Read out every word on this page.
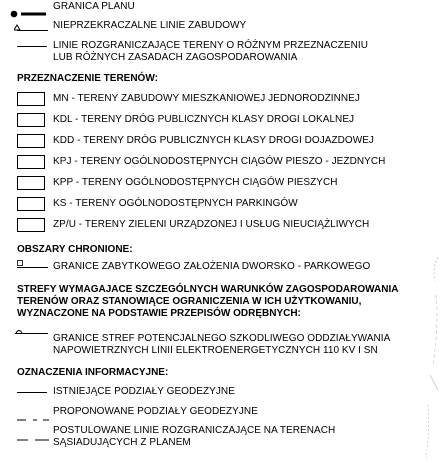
GRANICA PLANU
NIEPRZEKRACZALNE LINIE ZABUDOWY
LINIE ROZGRANICZAJĄCE TERENY O RÓŻNYM PRZEZNACZENIU
LUB RÓŻNYCH ZASADACH ZAGOSPODAROWANIA
PRZEZNACZENIE TERENÓW:
MN - TERENY ZABUDOWY MIESZKANIOWEJ JEDNORODZINNEJ
KDL - TERENY DRÓG PUBLICZNYCH KLASY DROGI LOKALNEJ
KDD - TERENY DRÓG PUBLICZNYCH KLASY DROGI DOJAZDOWEJ
KPJ - TERENY OGÓLNODOSTĘPNYCH CIĄGÓW PIESZO - JEZDNYCH
KPP - TERENY OGÓLNODOSTĘPNYCH CIĄGÓW PIESZYCH
KS - TERENY OGÓLNODOSTĘPNYCH PARKINGÓW
ZP/U - TERENY ZIELENI URZĄDZONEJ I USŁUG NIEUCIĄŻLIWYCH
OBSZARY CHRONIONE:
GRANICE ZABYTKOWEGO ZAŁOŻENIA DWORSKO - PARKOWEGO
STREFY WYMAGAJACE SZCZEGÓLNYCH WARUNKÓW ZAGOSPODAROWANIA
TERENÓW ORAZ STANOWIĄCE OGRANICZENIA W ICH UŻYTKOWANIU,
WYZNACZONE NA PODSTAWIE PRZEPISÓW ODRĘBNYCH:
GRANICE STREF POTENCJALNEGO SZKODLIWEGO ODDZIAŁYWANIA
NAPOWIETRZNYCH LINII ELEKTROENERGETYCZNYCH 110 KV I SN
OZNACZENIA INFORMACYJNE:
ISTNIEJĄCE PODZIAŁY GEODEZYJNE
PROPONOWANE PODZIAŁY GEODEZYJNE
POSTULOWANE LINIE ROZGRANICZAJĄCE NA TERENACH
SĄSIADUJĄCYCH Z PLANEM
